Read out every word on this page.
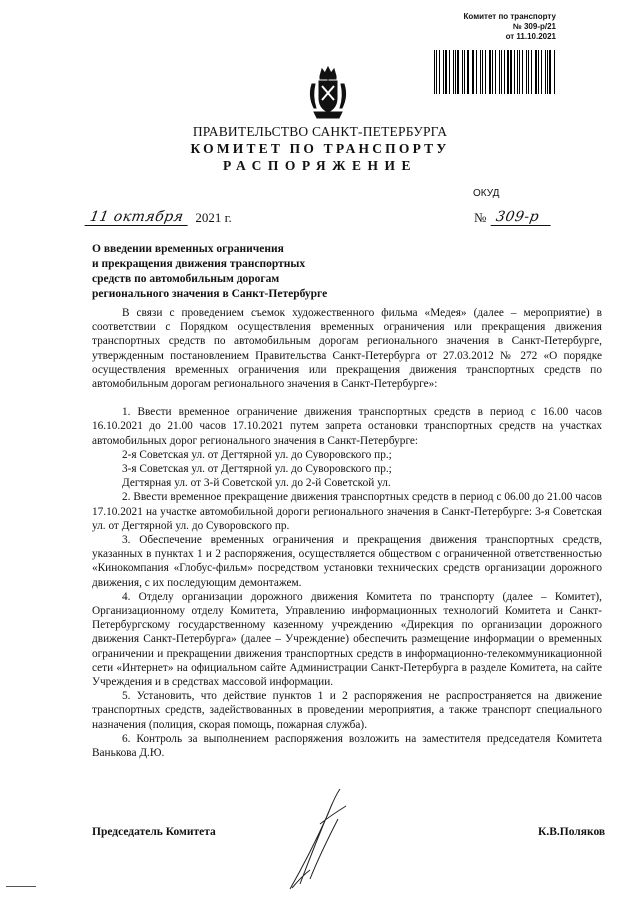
Комитет по транспорту
№ 309-р/21
от 11.10.2021
ПРАВИТЕЛЬСТВО САНКТ-ПЕТЕРБУРГА
КОМИТЕТ ПО ТРАНСПОРТУ
РАСПОРЯЖЕНИЕ
ОКУД
11 октября 2021 г.	№ 309-р
О введении временных ограничения
и прекращения движения транспортных
средств по автомобильным дорогам
регионального значения в Санкт-Петербурге

В связи с проведением съемок художественного фильма «Медея» (далее – мероприятие) в соответствии с Порядком осуществления временных ограничения или прекращения движения транспортных средств по автомобильным дорогам регионального значения в Санкт-Петербурге, утвержденным постановлением Правительства Санкт-Петербурга от 27.03.2012 № 272 «О порядке осуществления временных ограничения или прекращения движения транспортных средств по автомобильным дорогам регионального значения в Санкт-Петербурге»:

1. Ввести временное ограничение движения транспортных средств в период с 16.00 часов 16.10.2021 до 21.00 часов 17.10.2021 путем запрета остановки транспортных средств на участках автомобильных дорог регионального значения в Санкт-Петербурге:

2-я Советская ул. от Дегтярной ул. до Суворовского пр.;

3-я Советская ул. от Дегтярной ул. до Суворовского пр.;

Дегтярная ул. от 3-й Советской ул. до 2-й Советской ул.

2. Ввести временное прекращение движения транспортных средств в период с 06.00 до 21.00 часов 17.10.2021 на участке автомобильной дороги регионального значения в Санкт-Петербурге: 3-я Советская ул. от Дегтярной ул. до Суворовского пр.

3. Обеспечение временных ограничения и прекращения движения транспортных средств, указанных в пунктах 1 и 2 распоряжения, осуществляется обществом с ограниченной ответственностью «Кинокомпания «Глобус-фильм» посредством установки технических средств организации дорожного движения, с их последующим демонтажем.

4. Отделу организации дорожного движения Комитета по транспорту (далее – Комитет), Организационному отделу Комитета, Управлению информационных технологий Комитета и Санкт-Петербургскому государственному казенному учреждению «Дирекция по организации дорожного движения Санкт-Петербурга» (далее – Учреждение) обеспечить размещение информации о временных ограничении и прекращении движения транспортных средств в информационно-телекоммуникационной сети «Интернет» на официальном сайте Администрации Санкт-Петербурга в разделе Комитета, на сайте Учреждения и в средствах массовой информации.

5. Установить, что действие пунктов 1 и 2 распоряжения не распространяется на движение транспортных средств, задействованных в проведении мероприятия, а также транспорт специального назначения (полиция, скорая помощь, пожарная служба).

6. Контроль за выполнением распоряжения возложить на заместителя председателя Комитета Ванькова Д.Ю.

Председатель Комитета	К.В.Поляков
